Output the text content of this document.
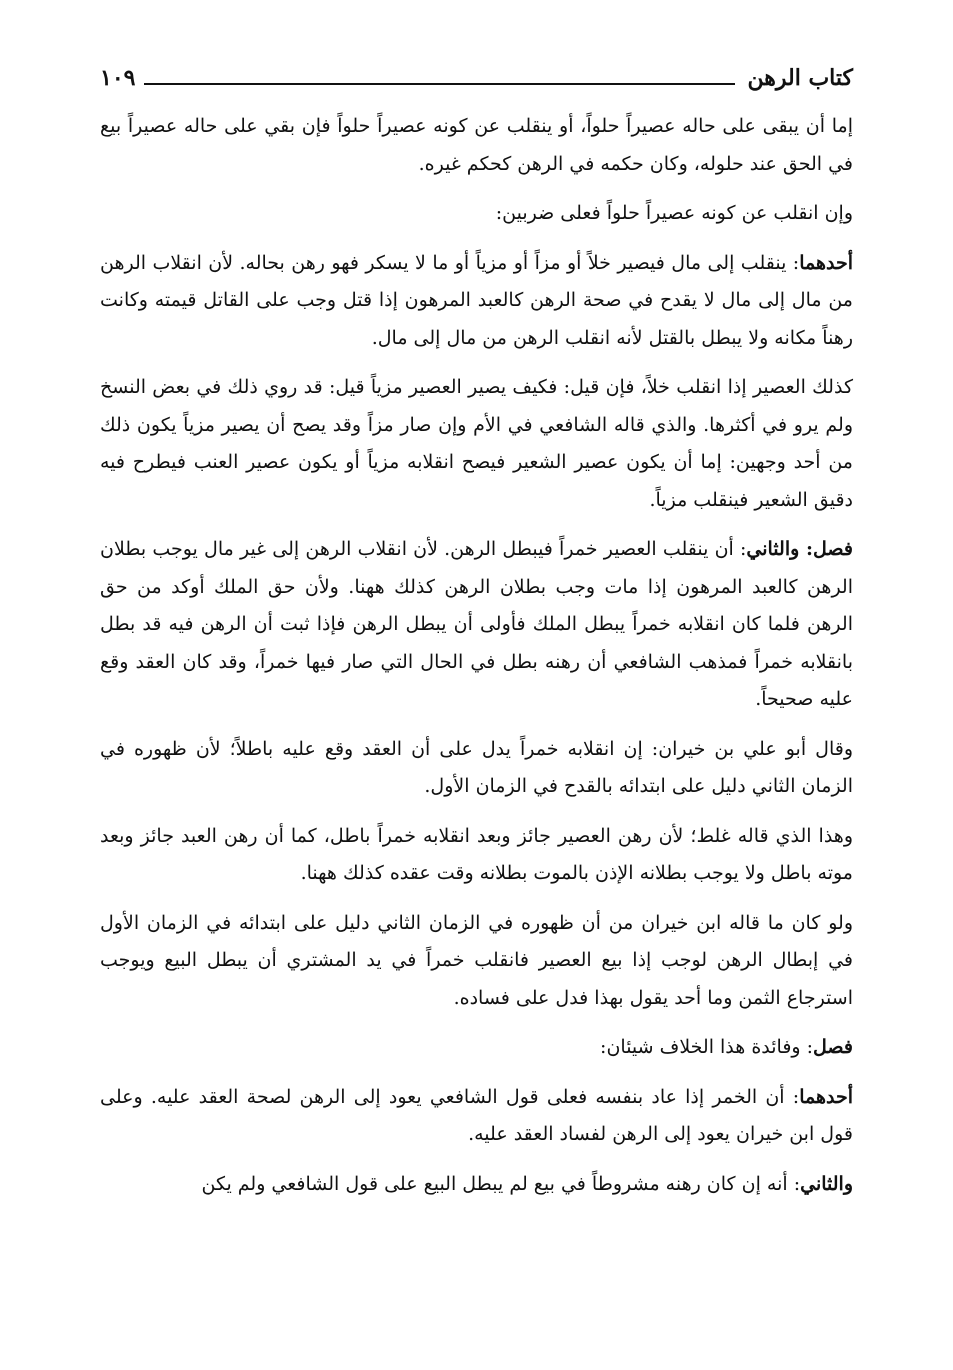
كتاب الرهن
١٠٩

إما أن يبقى على حاله عصيراً حلواً، أو ينقلب عن كونه عصيراً حلواً فإن بقي على حاله عصيراً بيع في الحق عند حلوله، وكان حكمه في الرهن كحكم غيره.

وإن انقلب عن كونه عصيراً حلواً فعلى ضربين:

أحدهما: ينقلب إلى مال فيصير خلاً أو مزاً أو مزياً أو ما لا يسكر فهو رهن بحاله. لأن انقلاب الرهن من مال إلى مال لا يقدح في صحة الرهن كالعبد المرهون إذا قتل وجب على القاتل قيمته وكانت رهناً مكانه ولا يبطل بالقتل لأنه انقلب الرهن من مال إلى مال.

كذلك العصير إذا انقلب خلاً، فإن قيل: فكيف يصير العصير مزياً قيل: قد روي ذلك في بعض النسخ ولم يرو في أكثرها. والذي قاله الشافعي في الأم وإن صار مزاً وقد يصح أن يصير مزياً يكون ذلك من أحد وجهين: إما أن يكون عصير الشعير فيصح انقلابه مزياً أو يكون عصير العنب فيطرح فيه دقيق الشعير فينقلب مزياً.

فصل: والثاني: أن ينقلب العصير خمراً فيبطل الرهن. لأن انقلاب الرهن إلى غير مال يوجب بطلان الرهن كالعبد المرهون إذا مات وجب بطلان الرهن كذلك ههنا. ولأن حق الملك أوكد من حق الرهن فلما كان انقلابه خمراً يبطل الملك فأولى أن يبطل الرهن فإذا ثبت أن الرهن فيه قد بطل بانقلابه خمراً فمذهب الشافعي أن رهنه بطل في الحال التي صار فيها خمراً، وقد كان العقد وقع عليه صحيحاً.

وقال أبو علي بن خيران: إن انقلابه خمراً يدل على أن العقد وقع عليه باطلاً؛ لأن ظهوره في الزمان الثاني دليل على ابتدائه بالقدح في الزمان الأول.

وهذا الذي قاله غلط؛ لأن رهن العصير جائز وبعد انقلابه خمراً باطل، كما أن رهن العبد جائز وبعد موته باطل ولا يوجب بطلانه الإذن بالموت بطلانه وقت عقده كذلك ههنا.

ولو كان ما قاله ابن خيران من أن ظهوره في الزمان الثاني دليل على ابتدائه في الزمان الأول في إبطال الرهن لوجب إذا بيع العصير فانقلب خمراً في يد المشتري أن يبطل البيع ويوجب استرجاع الثمن وما أحد يقول بهذا فدل على فساده.

فصل: وفائدة هذا الخلاف شيئان:

أحدهما: أن الخمر إذا عاد بنفسه فعلى قول الشافعي يعود إلى الرهن لصحة العقد عليه. وعلى قول ابن خيران يعود إلى الرهن لفساد العقد عليه.

والثاني: أنه إن كان رهنه مشروطاً في بيع لم يبطل البيع على قول الشافعي ولم يكن
